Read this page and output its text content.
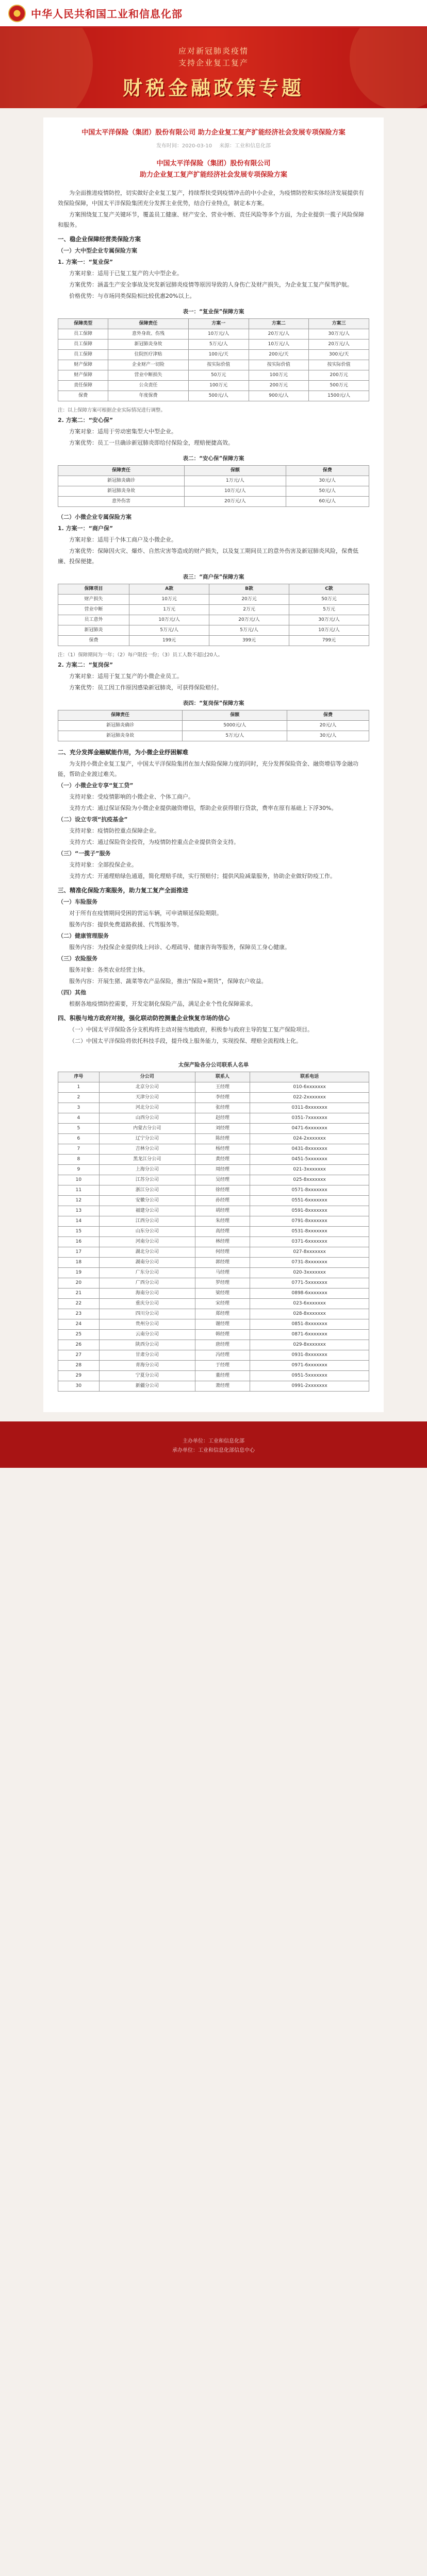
中华人民共和国工业和信息化部
应对新冠肺炎疫情
支持企业复工复产
财税金融政策专题
中国太平洋保险（集团）股份有限公司 助力企业复工复产扩能经济社会发展专项保险方案
发布时间：2020-03-10 来源：工业和信息化部
中国太平洋保险（集团）股份有限公司
助力企业复工复产扩能经济社会发展专项保险方案

为全面推进疫情防控，切实做好企业复工复产，持续帮扶受到疫情冲击的中小企业，为疫情防控和实体经济发展提供有效保险保障，中国太平洋保险集团充分发挥主业优势，结合行业特点，制定本方案。

方案围绕复工复产关键环节，覆盖员工健康、财产安全、营业中断、责任风险等多个方面，为企业提供一揽子风险保障和服务。

一、稳企业保障经营类保险方案
（一）大中型企业专属保险方案
1. 方案一：“复业保”

方案对象：适用于已复工复产的大中型企业。

方案优势：涵盖生产安全事故及突发新冠肺炎疫情等原因导致的人身伤亡及财产损失，为企业复工复产保驾护航。

价格优势：与市场同类保险相比较优惠20%以上。

表一：“复业保”保障方案
保障类型	保障责任	方案一	方案二	方案三
员工保障	意外身故、伤残	10万元/人	20万元/人	30万元/人
员工保障	新冠肺炎身故	5万元/人	10万元/人	20万元/人
员工保障	住院医疗津贴	100元/天	200元/天	300元/天
财产保障	企业财产一切险	按实际价值	按实际价值	按实际价值
财产保障	营业中断损失	50万元	100万元	200万元
责任保障	公众责任	100万元	200万元	500万元
保费	年度保费	500元/人	900元/人	1500元/人

注：以上保障方案可根据企业实际情况进行调整。

2. 方案二：“安心保”

方案对象：适用于劳动密集型大中型企业。

方案优势：员工一旦确诊新冠肺炎即给付保险金，理赔便捷高效。

表二：“安心保”保障方案
保障责任	保额	保费
新冠肺炎确诊	1万元/人	30元/人
新冠肺炎身故	10万元/人	50元/人
意外伤害	20万元/人	60元/人
（二）小微企业专属保险方案
1. 方案一：“商户保”

方案对象：适用于个体工商户及小微企业。

方案优势：保障因火灾、爆炸、自然灾害等造成的财产损失，以及复工期间员工的意外伤害及新冠肺炎风险，保费低廉、投保便捷。

表三：“商户保”保障方案
保障项目	A款	B款	C款
财产损失	10万元	20万元	50万元
营业中断	1万元	2万元	5万元
员工意外	10万元/人	20万元/人	30万元/人
新冠肺炎	5万元/人	5万元/人	10万元/人
保费	199元	399元	799元

注：（1）保障期间为一年；（2）每户限投一份；（3）员工人数不超过20人。

2. 方案二：“复岗保”

方案对象：适用于复工复产的小微企业员工。

方案优势：员工因工作原因感染新冠肺炎，可获得保险赔付。

表四：“复岗保”保障方案
保障责任	保额	保费
新冠肺炎确诊	5000元/人	20元/人
新冠肺炎身故	5万元/人	30元/人
二、充分发挥金融赋能作用，为小微企业纾困解难

为支持小微企业复工复产，中国太平洋保险集团在加大保险保障力度的同时，充分发挥保险资金、融资增信等金融功能，帮助企业渡过难关。

（一）小微企业专享“复工贷”

支持对象：受疫情影响的小微企业、个体工商户。

支持方式：通过保证保险为小微企业提供融资增信，帮助企业获得银行贷款，费率在原有基础上下浮30%。

（二）设立专项“抗疫基金”

支持对象：疫情防控重点保障企业。

支持方式：通过保险资金投资，为疫情防控重点企业提供资金支持。

（三）“一揽子”服务

支持对象：全部投保企业。

支持方式：开通理赔绿色通道，简化理赔手续，实行预赔付；提供风险减量服务，协助企业做好防疫工作。

三、精准化保险方案服务，助力复工复产全面推进
（一）车险服务

对于所有在疫情期间受困的营运车辆，可申请顺延保险期限。

服务内容：提供免费道路救援、代驾服务等。

（二）健康管理服务

服务内容：为投保企业提供线上问诊、心理疏导、健康咨询等服务，保障员工身心健康。

（三）农险服务

服务对象：各类农业经营主体。

服务内容：开展生猪、蔬菜等农产品保险，推出“保险+期货”，保障农户收益。

（四）其他

根据各地疫情防控需要，开发定制化保险产品，满足企业个性化保障需求。

四、积极与地方政府对接，强化联动防控测量企业恢复市场的信心

（一）中国太平洋保险各分支机构将主动对接当地政府，积极参与政府主导的复工复产保险项目。

（二）中国太平洋保险将依托科技手段，提升线上服务能力，实现投保、理赔全流程线上化。

太保产险各分公司联系人名单
序号	分公司	联系人	联系电话
1	北京分公司	王经理	010-6xxxxxxx
2	天津分公司	李经理	022-2xxxxxxx
3	河北分公司	张经理	0311-8xxxxxxx
4	山西分公司	赵经理	0351-7xxxxxxx
5	内蒙古分公司	刘经理	0471-6xxxxxxx
6	辽宁分公司	陈经理	024-2xxxxxxx
7	吉林分公司	杨经理	0431-8xxxxxxx
8	黑龙江分公司	黄经理	0451-5xxxxxxx
9	上海分公司	周经理	021-3xxxxxxx
10	江苏分公司	吴经理	025-8xxxxxxx
11	浙江分公司	徐经理	0571-8xxxxxxx
12	安徽分公司	孙经理	0551-6xxxxxxx
13	福建分公司	胡经理	0591-8xxxxxxx
14	江西分公司	朱经理	0791-8xxxxxxx
15	山东分公司	高经理	0531-8xxxxxxx
16	河南分公司	林经理	0371-6xxxxxxx
17	湖北分公司	何经理	027-8xxxxxxx
18	湖南分公司	郭经理	0731-8xxxxxxx
19	广东分公司	马经理	020-3xxxxxxx
20	广西分公司	罗经理	0771-5xxxxxxx
21	海南分公司	梁经理	0898-6xxxxxxx
22	重庆分公司	宋经理	023-6xxxxxxx
23	四川分公司	郑经理	028-8xxxxxxx
24	贵州分公司	谢经理	0851-8xxxxxxx
25	云南分公司	韩经理	0871-6xxxxxxx
26	陕西分公司	唐经理	029-8xxxxxxx
27	甘肃分公司	冯经理	0931-8xxxxxxx
28	青海分公司	于经理	0971-6xxxxxxx
29	宁夏分公司	董经理	0951-5xxxxxxx
30	新疆分公司	萧经理	0991-2xxxxxxx
主办单位：工业和信息化部
承办单位：工业和信息化部信息中心
